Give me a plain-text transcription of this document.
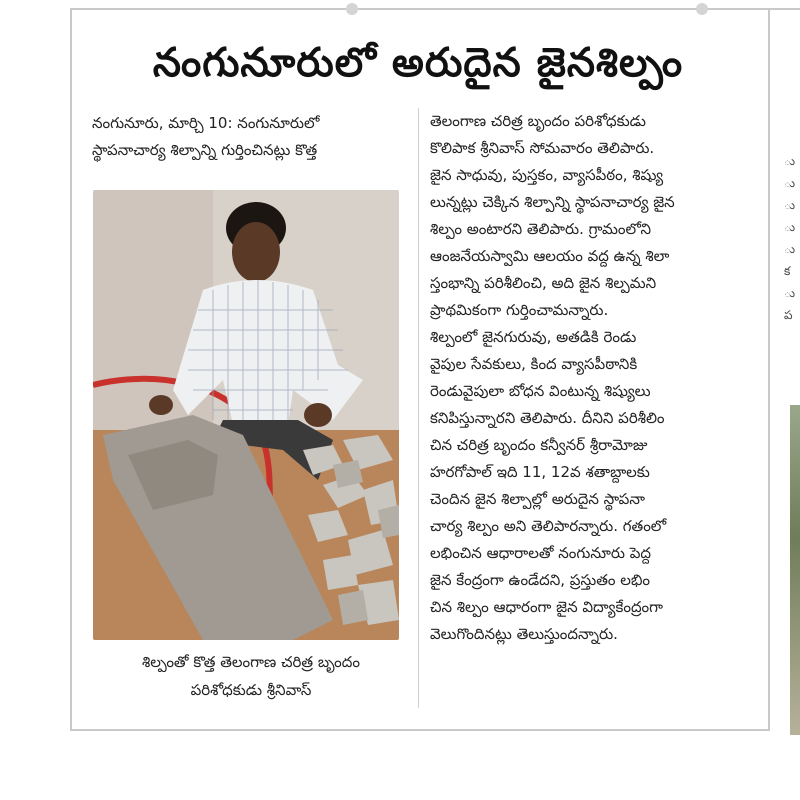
నంగునూరులో అరుదైన జైనశిల్పం
నంగునూరు, మార్చి 10: నంగునూరులో
స్థాపనాచార్య శిల్పాన్ని గుర్తించినట్లు కొత్త
శిల్పంతో కొత్త తెలంగాణ చరిత్ర బృందం
పరిశోధకుడు శ్రీనివాస్
తెలంగాణ చరిత్ర బృందం పరిశోధకుడు
కొలిపాక శ్రీనివాస్ సోమవారం తెలిపారు.
జైన సాధువు, పుస్తకం, వ్యాసపీఠం, శిష్యు
లున్నట్లు చెక్కిన శిల్పాన్ని స్థాపనాచార్య జైన
శిల్పం అంటారని తెలిపారు. గ్రామంలోని
ఆంజనేయస్వామి ఆలయం వద్ద ఉన్న శిలా
స్తంభాన్ని పరిశీలించి, అది జైన శిల్పమని
ప్రాథమికంగా గుర్తించామన్నారు.
శిల్పంలో జైనగురువు, అతడికి రెండు
వైపుల సేవకులు, కింద వ్యాసపీఠానికి
రెండువైపులా బోధన వింటున్న శిష్యులు
కనిపిస్తున్నారని తెలిపారు. దీనిని పరిశీలిం
చిన చరిత్ర బృందం కన్వీనర్ శ్రీరామోజు
హరగోపాల్ ఇది 11, 12వ శతాబ్దాలకు
చెందిన జైన శిల్పాల్లో అరుదైన స్థాపనా
చార్య శిల్పం అని తెలిపారన్నారు. గతంలో
లభించిన ఆధారాలతో నంగునూరు పెద్ద
జైన కేంద్రంగా ఉండేదని, ప్రస్తుతం లభిం
చిన శిల్పం ఆధారంగా జైన విద్యాకేంద్రంగా
వెలుగొందినట్లు తెలుస్తుందన్నారు.
ు
ు
ు
ు
ు
క
ు
ప
